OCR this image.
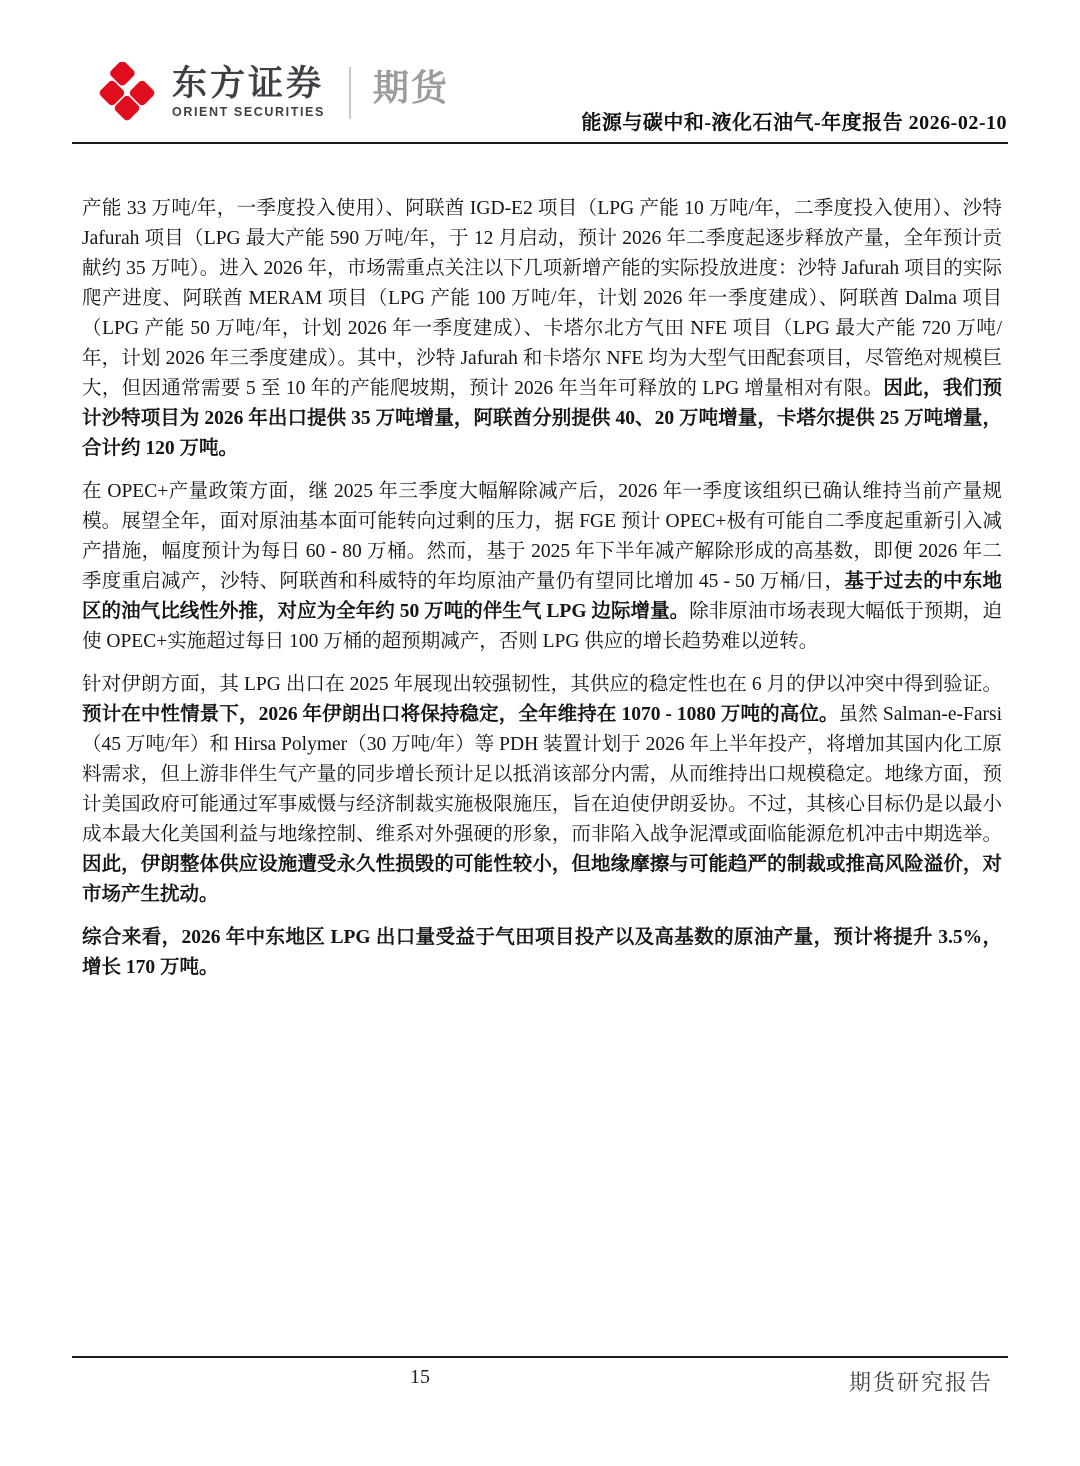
东方证券
ORIENT SECURITIES
期货
能源与碳中和-液化石油气-年度报告 2026-02-10

产能 33 万吨/年，一季度投入使用）、阿联酋 IGD-E2 项目（LPG 产能 10 万吨/年，二季度投入使用）、沙特 Jafurah 项目（LPG 最大产能 590 万吨/年，于 12 月启动，预计 2026 年二季度起逐步释放产量，全年预计贡献约 35 万吨）。进入 2026 年，市场需重点关注以下几项新增产能的实际投放进度：沙特 Jafurah 项目的实际爬产进度、阿联酋 MERAM 项目（LPG 产能 100 万吨/年，计划 2026 年一季度建成）、阿联酋 Dalma 项目（LPG 产能 50 万吨/年，计划 2026 年一季度建成）、卡塔尔北方气田 NFE 项目（LPG 最大产能 720 万吨/年，计划 2026 年三季度建成）。其中，沙特 Jafurah 和卡塔尔 NFE 均为大型气田配套项目，尽管绝对规模巨大，但因通常需要 5 至 10 年的产能爬坡期，预计 2026 年当年可释放的 LPG 增量相对有限。因此，我们预计沙特项目为 2026 年出口提供 35 万吨增量，阿联酋分别提供 40、20 万吨增量，卡塔尔提供 25 万吨增量，合计约 120 万吨。

在 OPEC+产量政策方面，继 2025 年三季度大幅解除减产后，2026 年一季度该组织已确认维持当前产量规模。展望全年，面对原油基本面可能转向过剩的压力，据 FGE 预计 OPEC+极有可能自二季度起重新引入减产措施，幅度预计为每日 60 - 80 万桶。然而，基于 2025 年下半年减产解除形成的高基数，即便 2026 年二季度重启减产，沙特、阿联酋和科威特的年均原油产量仍有望同比增加 45 - 50 万桶/日，基于过去的中东地区的油气比线性外推，对应为全年约 50 万吨的伴生气 LPG 边际增量。除非原油市场表现大幅低于预期，迫使 OPEC+实施超过每日 100 万桶的超预期减产，否则 LPG 供应的增长趋势难以逆转。

针对伊朗方面，其 LPG 出口在 2025 年展现出较强韧性，其供应的稳定性也在 6 月的伊以冲突中得到验证。预计在中性情景下，2026 年伊朗出口将保持稳定，全年维持在 1070 - 1080 万吨的高位。虽然 Salman-e-Farsi（45 万吨/年）和 Hirsa Polymer（30 万吨/年）等 PDH 装置计划于 2026 年上半年投产，将增加其国内化工原料需求，但上游非伴生气产量的同步增长预计足以抵消该部分内需，从而维持出口规模稳定。地缘方面，预计美国政府可能通过军事威慑与经济制裁实施极限施压，旨在迫使伊朗妥协。不过，其核心目标仍是以最小成本最大化美国利益与地缘控制、维系对外强硬的形象，而非陷入战争泥潭或面临能源危机冲击中期选举。因此，伊朗整体供应设施遭受永久性损毁的可能性较小，但地缘摩擦与可能趋严的制裁或推高风险溢价，对市场产生扰动。

综合来看，2026 年中东地区 LPG 出口量受益于气田项目投产以及高基数的原油产量，预计将提升 3.5%，增长 170 万吨。

15	期货研究报告
